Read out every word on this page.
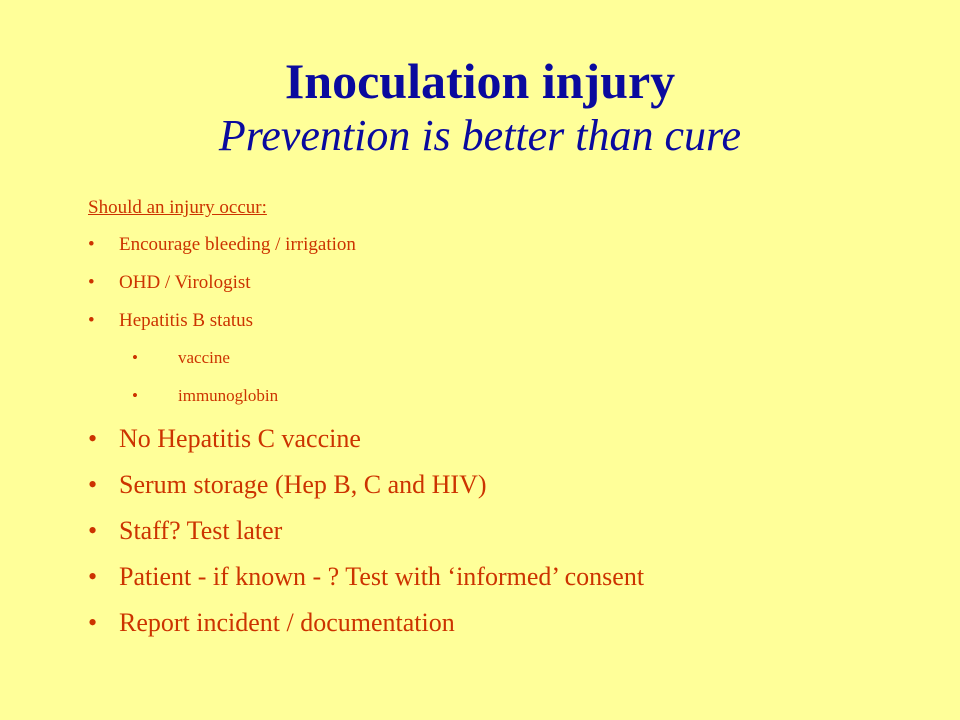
Inoculation injury
Prevention is better than cure
Should an injury occur:
• Encourage bleeding / irrigation
• OHD / Virologist
• Hepatitis B status
• vaccine
• immunoglobin
• No Hepatitis C vaccine
• Serum storage (Hep B, C and HIV)
• Staff? Test later
• Patient - if known - ? Test with ‘informed’ consent
• Report incident / documentation
